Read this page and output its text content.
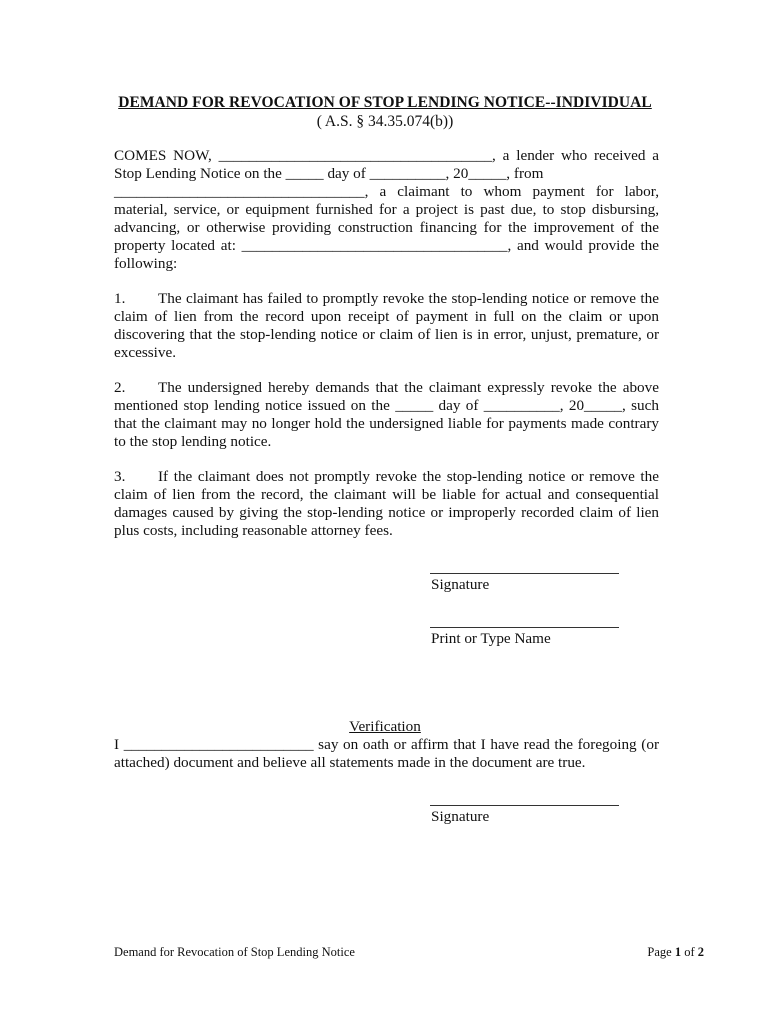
DEMAND FOR REVOCATION OF STOP LENDING NOTICE--INDIVIDUAL
( A.S. § 34.35.074(b))
COMES NOW, ____________________________________, a lender who received a
Stop Lending Notice on the _____ day of __________, 20_____, from
_________________________________, a claimant to whom payment for labor,
material, service, or equipment furnished for a project is past due, to stop disbursing,
advancing, or otherwise providing construction financing for the improvement of the
property located at: ___________________________________, and would provide the
following:
1. The claimant has failed to promptly revoke the stop-lending notice or remove the
claim of lien from the record upon receipt of payment in full on the claim or upon
discovering that the stop-lending notice or claim of lien is in error, unjust, premature, or
excessive.
2. The undersigned hereby demands that the claimant expressly revoke the above
mentioned stop lending notice issued on the _____ day of __________, 20_____, such
that the claimant may no longer hold the undersigned liable for payments made contrary
to the stop lending notice.
3. If the claimant does not promptly revoke the stop-lending notice or remove the
claim of lien from the record, the claimant will be liable for actual and consequential
damages caused by giving the stop-lending notice or improperly recorded claim of lien
plus costs, including reasonable attorney fees.
Signature
Print or Type Name
Verification
I _________________________ say on oath or affirm that I have read the foregoing (or
attached) document and believe all statements made in the document are true.
Signature
Demand for Revocation of Stop Lending Notice	Page 1 of 2
